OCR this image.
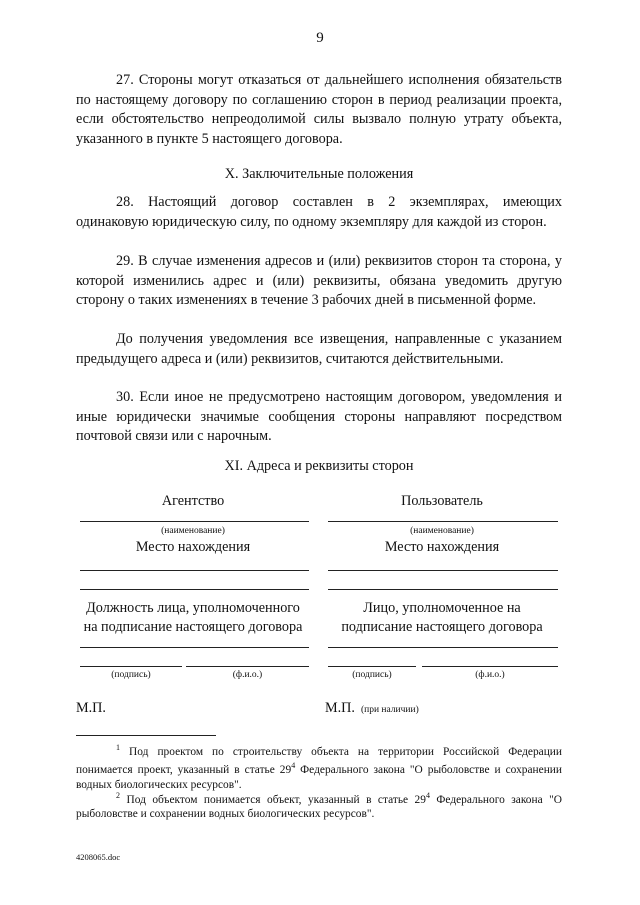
9

27. Стороны могут отказаться от дальнейшего исполнения обязательств по настоящему договору по соглашению сторон в период реализации проекта, если обстоятельство непреодолимой силы вызвало полную утрату объекта, указанного в пункте 5 настоящего договора.

X. Заключительные положения

28. Настоящий договор составлен в 2 экземплярах, имеющих одинаковую юридическую силу, по одному экземпляру для каждой из сторон.

29. В случае изменения адресов и (или) реквизитов сторон та сторона, у которой изменились адрес и (или) реквизиты, обязана уведомить другую сторону о таких изменениях в течение 3 рабочих дней в письменной форме.

До получения уведомления все извещения, направленные с указанием предыдущего адреса и (или) реквизитов, считаются действительными.

30. Если иное не предусмотрено настоящим договором, уведомления и иные юридически значимые сообщения стороны направляют посредством почтовой связи или с нарочным.

XI. Адреса и реквизиты сторон
Агентство
(наименование)
Место нахождения
Должность лица, уполномоченного
на подписание настоящего договора
(подпись)	(ф.и.о.)
М.П.
Пользователь
(наименование)
Место нахождения
Лицо, уполномоченное на
подписание настоящего договора
(подпись)	(ф.и.о.)
М.П. (при наличии)

$^1$ Под проектом по строительству объекта на территории Российской Федерации понимается проект, указанный в статье $29^4$ Федерального закона "О рыболовстве и сохранении водных биологических ресурсов".

$^2$ Под объектом понимается объект, указанный в статье $29^4$ Федерального закона "О рыболовстве и сохранении водных биологических ресурсов".

4208065.doc
